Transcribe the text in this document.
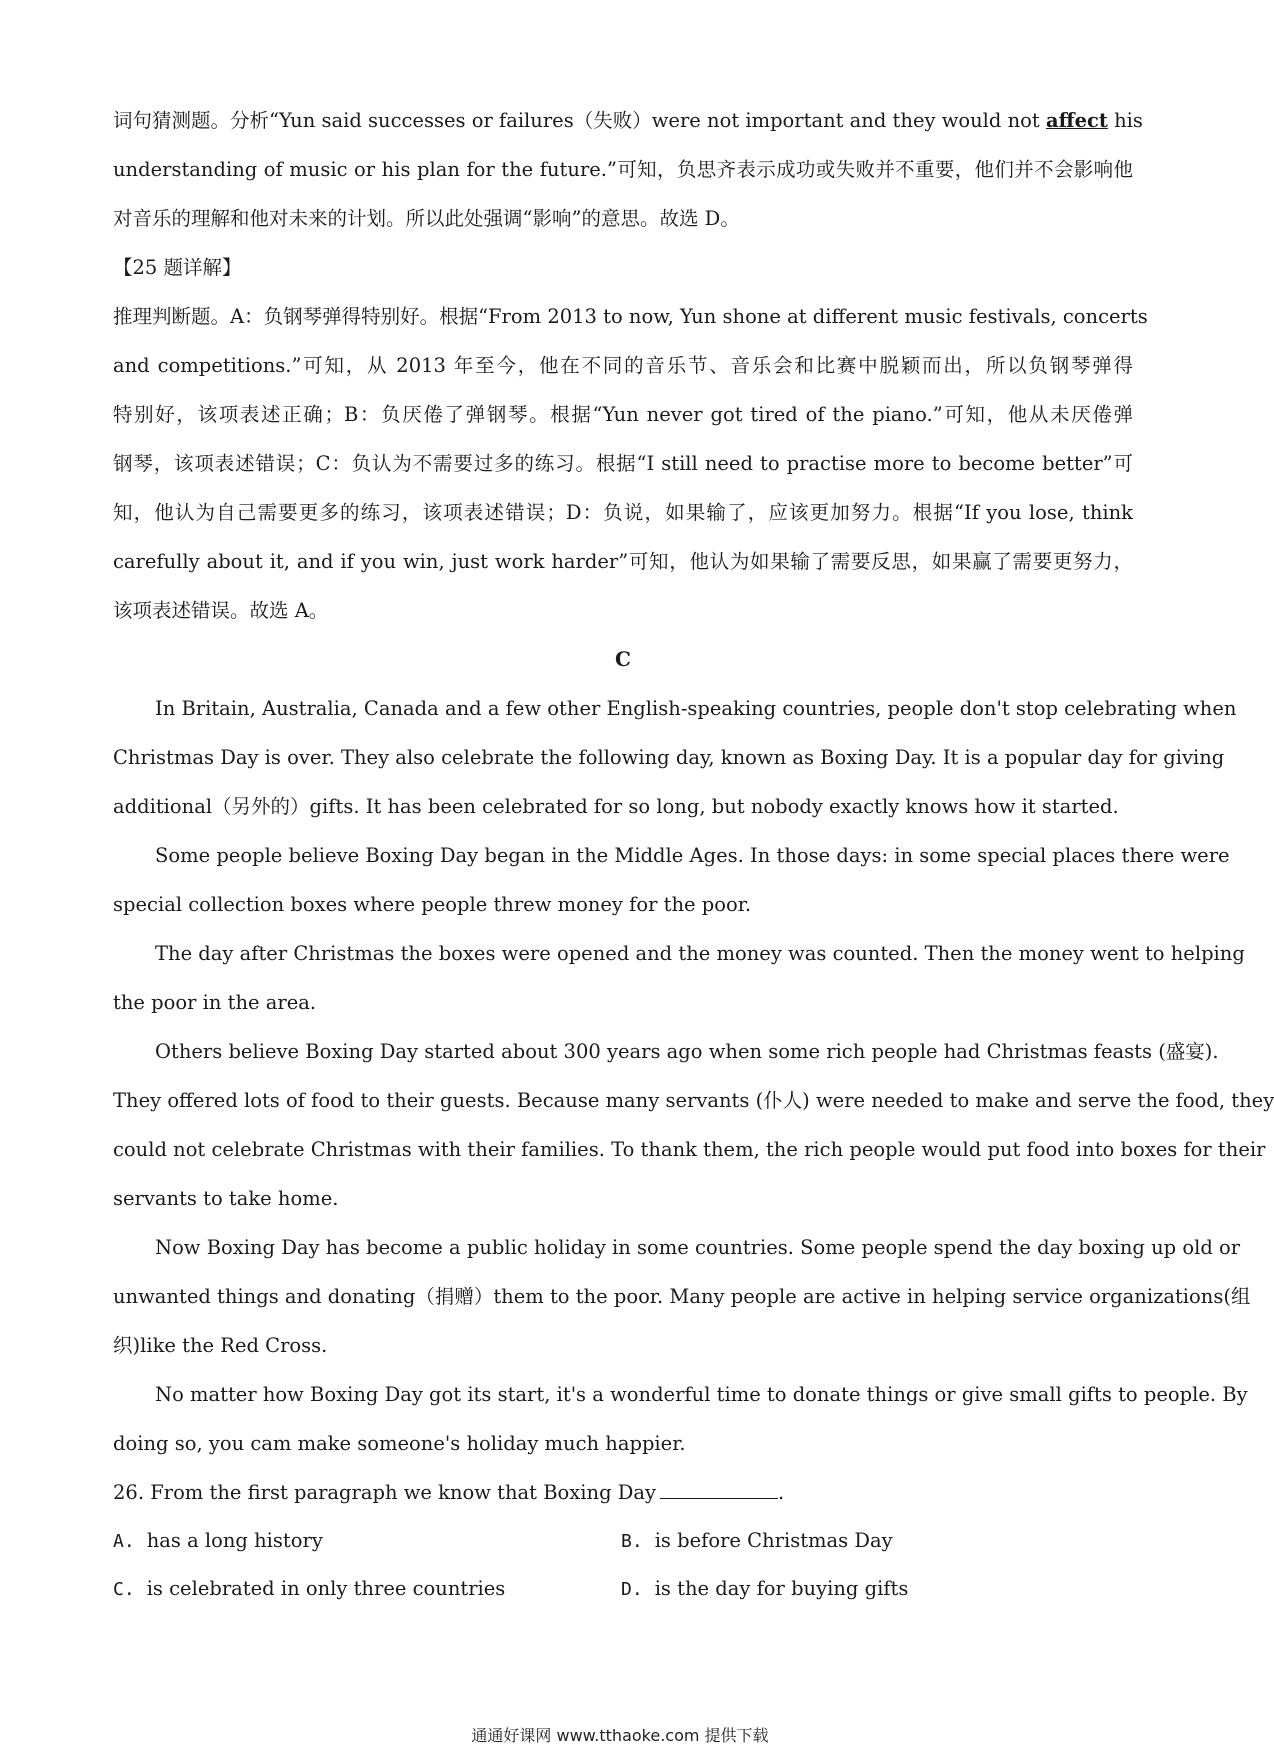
词句猜测题。分析“Yun said successes or failures（失败）were not important and they would not affect his
understanding of music or his plan for the future.”可知，负思齐表示成功或失败并不重要，他们并不会影响他
对音乐的理解和他对未来的计划。所以此处强调“影响”的意思。故选 D。
【25 题详解】
推理判断题。A：负钢琴弹得特别好。根据“From 2013 to now, Yun shone at different music festivals, concerts
and competitions.”可知，从 2013 年至今，他在不同的音乐节、音乐会和比赛中脱颖而出，所以负钢琴弹得
特别好，该项表述正确；B：负厌倦了弹钢琴。根据“Yun never got tired of the piano.”可知，他从未厌倦弹
钢琴，该项表述错误；C：负认为不需要过多的练习。根据“I still need to practise more to become better”可
知，他认为自己需要更多的练习，该项表述错误；D：负说，如果输了，应该更加努力。根据“If you lose, think
carefully about it, and if you win, just work harder”可知，他认为如果输了需要反思，如果赢了需要更努力，
该项表述错误。故选 A。
C
In Britain, Australia, Canada and a few other English-speaking countries, people don't stop celebrating when
Christmas Day is over. They also celebrate the following day, known as Boxing Day. It is a popular day for giving
additional（另外的）gifts. It has been celebrated for so long, but nobody exactly knows how it started.
Some people believe Boxing Day began in the Middle Ages. In those days: in some special places there were
special collection boxes where people threw money for the poor.
The day after Christmas the boxes were opened and the money was counted. Then the money went to helping
the poor in the area.
Others believe Boxing Day started about 300 years ago when some rich people had Christmas feasts (盛宴).
They offered lots of food to their guests. Because many servants (仆人) were needed to make and serve the food, they
could not celebrate Christmas with their families. To thank them, the rich people would put food into boxes for their
servants to take home.
Now Boxing Day has become a public holiday in some countries. Some people spend the day boxing up old or
unwanted things and donating（捐赠）them to the poor. Many people are active in helping service organizations(组
织)like the Red Cross.
No matter how Boxing Day got its start, it's a wonderful time to donate things or give small gifts to people. By
doing so, you cam make someone's holiday much happier.
26. From the first paragraph we know that Boxing Day	.
A. has a long history	B. is before Christmas Day
C. is celebrated in only three countries	D. is the day for buying gifts
通通好课网 www.tthaoke.com 提供下载
